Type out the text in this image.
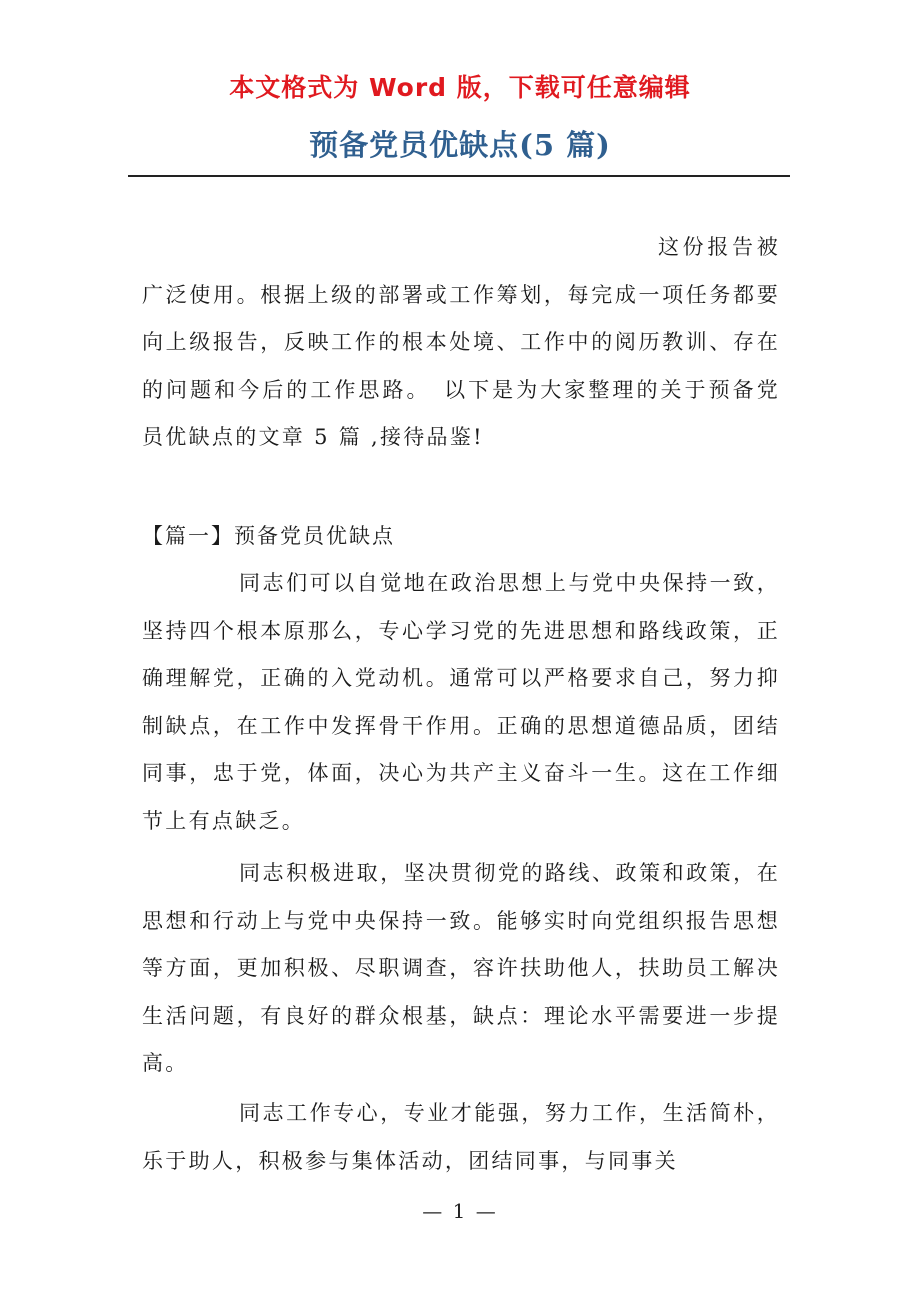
本文格式为 Word 版，下载可任意编辑
预备党员优缺点(5 篇)
这份报告被广泛使用。根据上级的部署或工作筹划，每完成一项任务都要向上级报告，反映工作的根本处境、工作中的阅历教训、存在的问题和今后的工作思路。　以下是为大家整理的关于预备党员优缺点的文章 5 篇 ,接待品鉴!
【篇一】预备党员优缺点
同志们可以自觉地在政治思想上与党中央保持一致，坚持四个根本原那么，专心学习党的先进思想和路线政策，正确理解党，正确的入党动机。通常可以严格要求自己，努力抑制缺点，在工作中发挥骨干作用。正确的思想道德品质，团结同事，忠于党，体面，决心为共产主义奋斗一生。这在工作细节上有点缺乏。
同志积极进取，坚决贯彻党的路线、政策和政策，在思想和行动上与党中央保持一致。能够实时向党组织报告思想等方面，更加积极、尽职调查，容许扶助他人，扶助员工解决生活问题，有良好的群众根基，缺点：理论水平需要进一步提高。
同志工作专心，专业才能强，努力工作，生活简朴，乐于助人，积极参与集体活动，团结同事，与同事关
— 1 —
